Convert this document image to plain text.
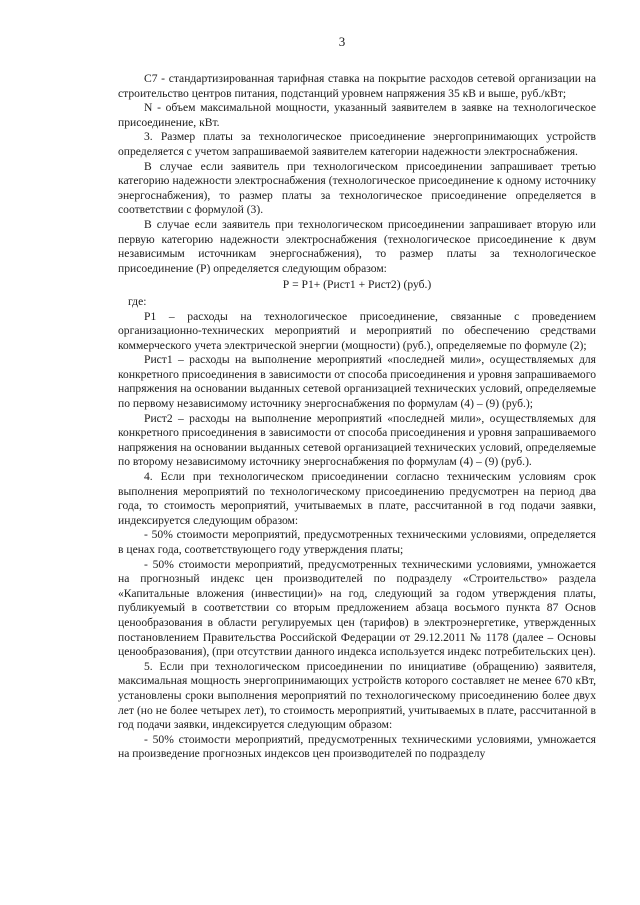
3

С7 - стандартизированная тарифная ставка на покрытие расходов сетевой организации на строительство центров питания, подстанций уровнем напряжения 35 кВ и выше, руб./кВт;

N - объем максимальной мощности, указанный заявителем в заявке на технологическое присоединение, кВт.

3. Размер платы за технологическое присоединение энергопринимающих устройств определяется с учетом запрашиваемой заявителем категории надежности электроснабжения.

В случае если заявитель при технологическом присоединении запрашивает третью категорию надежности электроснабжения (технологическое присоединение к одному источнику энергоснабжения), то размер платы за технологическое присоединение определяется в соответствии с формулой (3).

В случае если заявитель при технологическом присоединении запрашивает вторую или первую категорию надежности электроснабжения (технологическое присоединение к двум независимым источникам энергоснабжения), то размер платы за технологическое присоединение (Р) определяется следующим образом:

Р = Р1+ (Рист1 + Рист2) (руб.)

где:

Р1 – расходы на технологическое присоединение, связанные с проведением организационно-технических мероприятий и мероприятий по обеспечению средствами коммерческого учета электрической энергии (мощности) (руб.), определяемые по формуле (2);

Рист1 – расходы на выполнение мероприятий «последней мили», осуществляемых для конкретного присоединения в зависимости от способа присоединения и уровня запрашиваемого напряжения на основании выданных сетевой организацией технических условий, определяемые по первому независимому источнику энергоснабжения по формулам (4) – (9) (руб.);

Рист2 – расходы на выполнение мероприятий «последней мили», осуществляемых для конкретного присоединения в зависимости от способа присоединения и уровня запрашиваемого напряжения на основании выданных сетевой организацией технических условий, определяемые по второму независимому источнику энергоснабжения по формулам (4) – (9) (руб.).

4. Если при технологическом присоединении согласно техническим условиям срок выполнения мероприятий по технологическому присоединению предусмотрен на период два года, то стоимость мероприятий, учитываемых в плате, рассчитанной в год подачи заявки, индексируется следующим образом:

- 50% стоимости мероприятий, предусмотренных техническими условиями, определяется в ценах года, соответствующего году утверждения платы;

- 50% стоимости мероприятий, предусмотренных техническими условиями, умножается на прогнозный индекс цен производителей по подразделу «Строительство» раздела «Капитальные вложения (инвестиции)» на год, следующий за годом утверждения платы, публикуемый в соответствии со вторым предложением абзаца восьмого пункта 87 Основ ценообразования в области регулируемых цен (тарифов) в электроэнергетике, утвержденных постановлением Правительства Российской Федерации от 29.12.2011 № 1178 (далее – Основы ценообразования), (при отсутствии данного индекса используется индекс потребительских цен).

5. Если при технологическом присоединении по инициативе (обращению) заявителя, максимальная мощность энергопринимающих устройств которого составляет не менее 670 кВт, установлены сроки выполнения мероприятий по технологическому присоединению более двух лет (но не более четырех лет), то стоимость мероприятий, учитываемых в плате, рассчитанной в год подачи заявки, индексируется следующим образом:

- 50% стоимости мероприятий, предусмотренных техническими условиями, умножается на произведение прогнозных индексов цен производителей по подразделу
